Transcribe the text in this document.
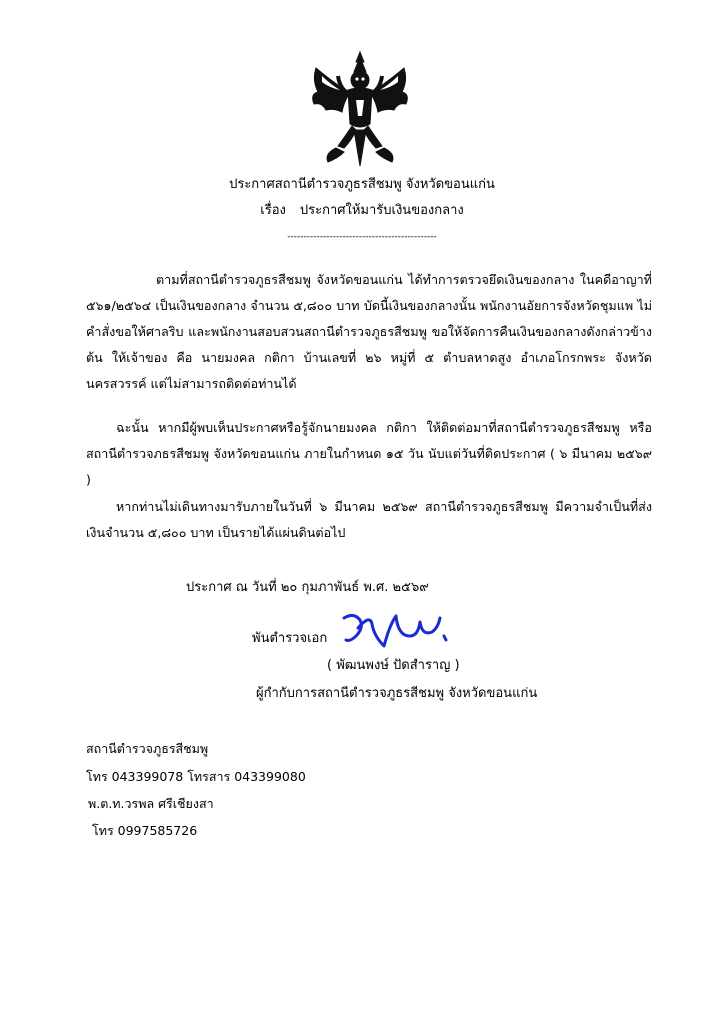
ประกาศสถานีตำรวจภูธรสีชมพู จังหวัดขอนแก่น
เรื่อง ประกาศให้มารับเงินของกลาง
----------------------------------------------
ตามที่สถานีตำรวจภูธรสีชมพู จังหวัดขอนแก่น ได้ทำการตรวจยึดเงินของกลาง ในคดีอาญาที่ ๕๖๑/๒๕๖๔ เป็นเงินของกลาง จำนวน ๕,๘๐๐ บาท บัดนี้เงินของกลางนั้น พนักงานอัยการจังหวัดชุมแพ ไม่คำสั่งขอให้ศาลริบ และพนักงานสอบสวนสถานีตำรวจภูธรสีชมพู ขอให้จัดการคืนเงินของกลางดังกล่าวข้างต้น ให้เจ้าของ คือ นายมงคล กติกา บ้านเลขที่ ๒๖ หมู่ที่ ๕ ตำบลหาดสูง อำเภอโกรกพระ จังหวัดนครสวรรค์ แต่ไม่สามารถติดต่อท่านได้
ฉะนั้น หากมีผู้พบเห็นประกาศหรือรู้จักนายมงคล กติกา ให้ติดต่อมาที่สถานีตำรวจภูธรสีชมพู หรือสถานีตำรวจภธรสีชมพู จังหวัดขอนแก่น ภายในกำหนด ๑๕ วัน นับแต่วันที่ติดประกาศ ( ๖ มีนาคม ๒๕๖๙ )
หากท่านไม่เดินทางมารับภายในวันที่ ๖ มีนาคม ๒๕๖๙ สถานีตำรวจภูธรสีชมพู มีความจำเป็นที่ส่งเงินจำนวน ๕,๘๐๐ บาท เป็นรายได้แผ่นดินต่อไป
ประกาศ ณ วันที่ ๒๐ กุมภาพันธ์ พ.ศ. ๒๕๖๙
พันตำรวจเอก
( พัฒนพงษ์ ปัดสำราญ )
ผู้กำกับการสถานีตำรวจภูธรสีชมพู จังหวัดขอนแก่น
สถานีตำรวจภูธรสีชมพู
โทร 043399078 โทรสาร 043399080
พ.ต.ท.วรพล ศรีเชียงสา
โทร 0997585726
